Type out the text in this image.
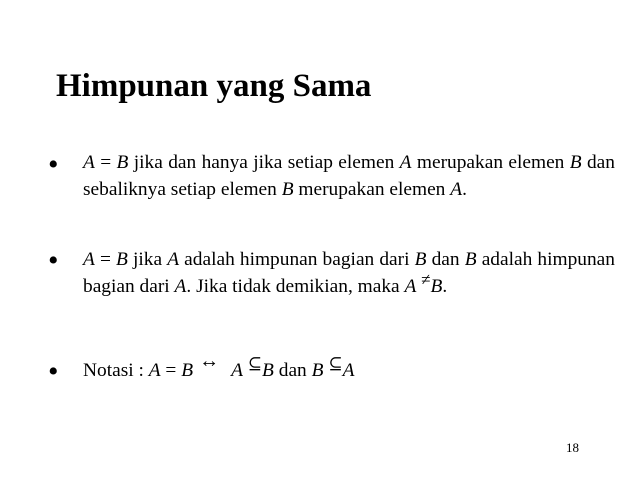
Himpunan yang Sama
• A = B jika dan hanya jika setiap elemen A merupakan elemen B dan sebaliknya setiap elemen B merupakan elemen A.
• A = B jika A adalah himpunan bagian dari B dan B adalah himpunan bagian dari A. Jika tidak demikian, maka A ≠B.
• Notasi : A = B ↔ A ⊆B dan B ⊆A
18
